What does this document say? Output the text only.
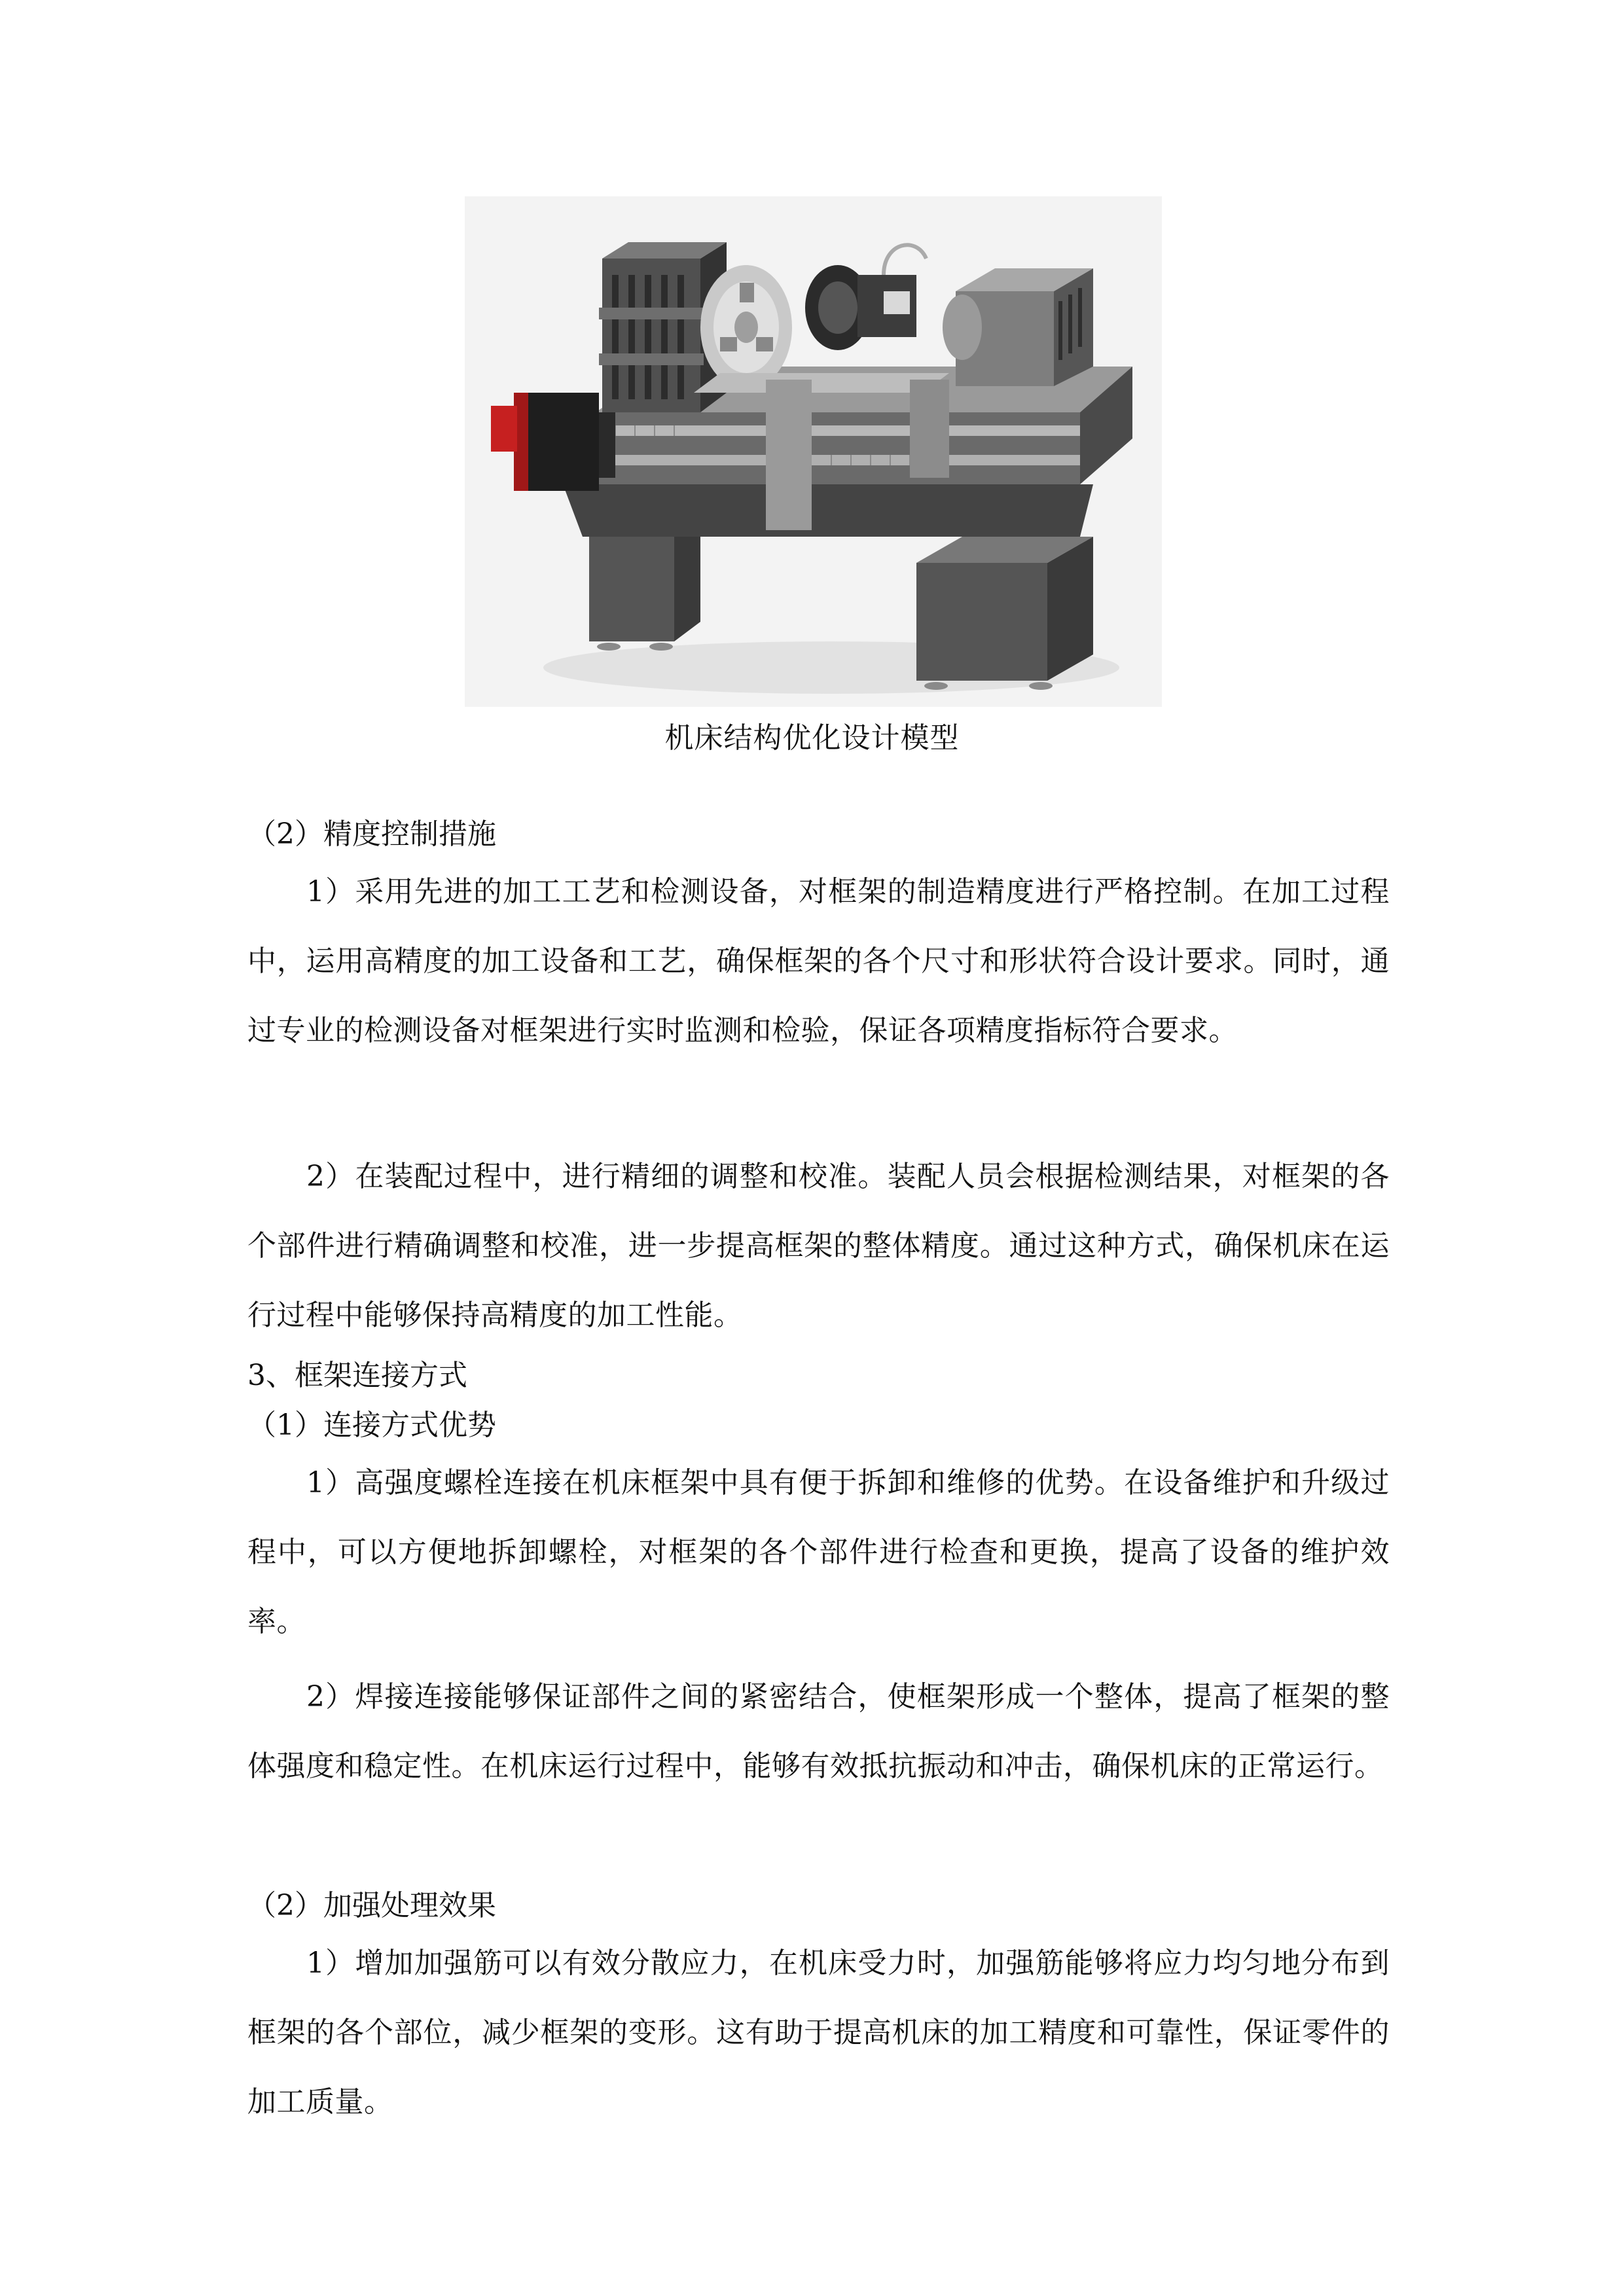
机床结构优化设计模型
（2）精度控制措施
1）采用先进的加工工艺和检测设备，对框架的制造精度进行严格控制。在加工过程中，运用高精度的加工设备和工艺，确保框架的各个尺寸和形状符合设计要求。同时，通过专业的检测设备对框架进行实时监测和检验，保证各项精度指标符合要求。
2）在装配过程中，进行精细的调整和校准。装配人员会根据检测结果，对框架的各个部件进行精确调整和校准，进一步提高框架的整体精度。通过这种方式，确保机床在运行过程中能够保持高精度的加工性能。
3、框架连接方式
（1）连接方式优势
1）高强度螺栓连接在机床框架中具有便于拆卸和维修的优势。在设备维护和升级过程中，可以方便地拆卸螺栓，对框架的各个部件进行检查和更换，提高了设备的维护效率。
2）焊接连接能够保证部件之间的紧密结合，使框架形成一个整体，提高了框架的整体强度和稳定性。在机床运行过程中，能够有效抵抗振动和冲击，确保机床的正常运行。
（2）加强处理效果
1）增加加强筋可以有效分散应力，在机床受力时，加强筋能够将应力均匀地分布到框架的各个部位，减少框架的变形。这有助于提高机床的加工精度和可靠性，保证零件的加工质量。
